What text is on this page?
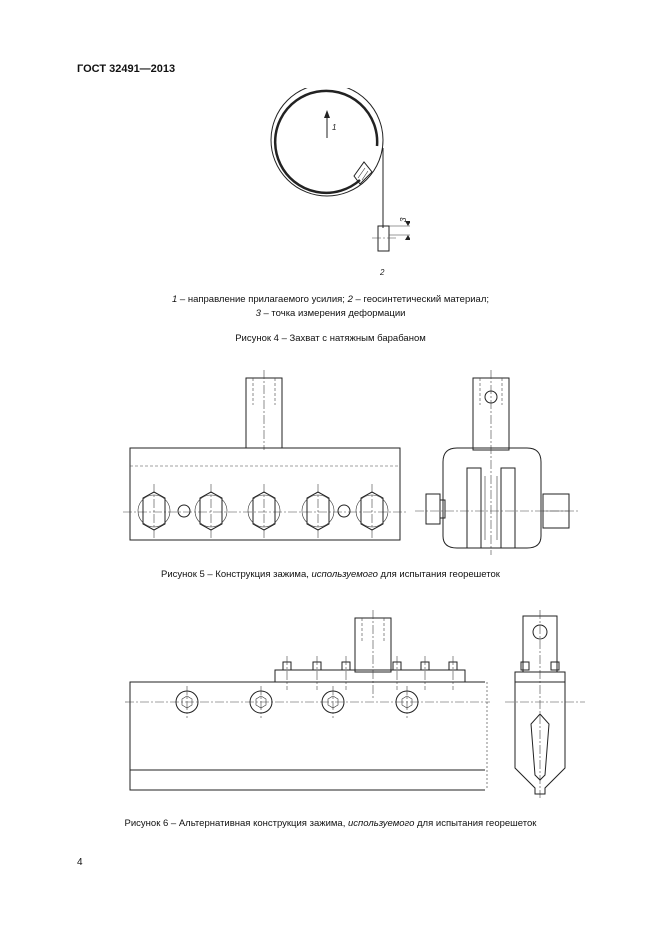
ГОСТ 32491—2013
1
3
2
1 – направление прилагаемого усилия; 2 – геосинтетический материал;
3 – точка измерения деформации
Рисунок 4 – Захват с натяжным барабаном
Рисунок 5 – Конструкция зажима, используемого для испытания георешеток
Рисунок 6 – Альтернативная конструкция зажима, используемого для испытания георешеток
4
